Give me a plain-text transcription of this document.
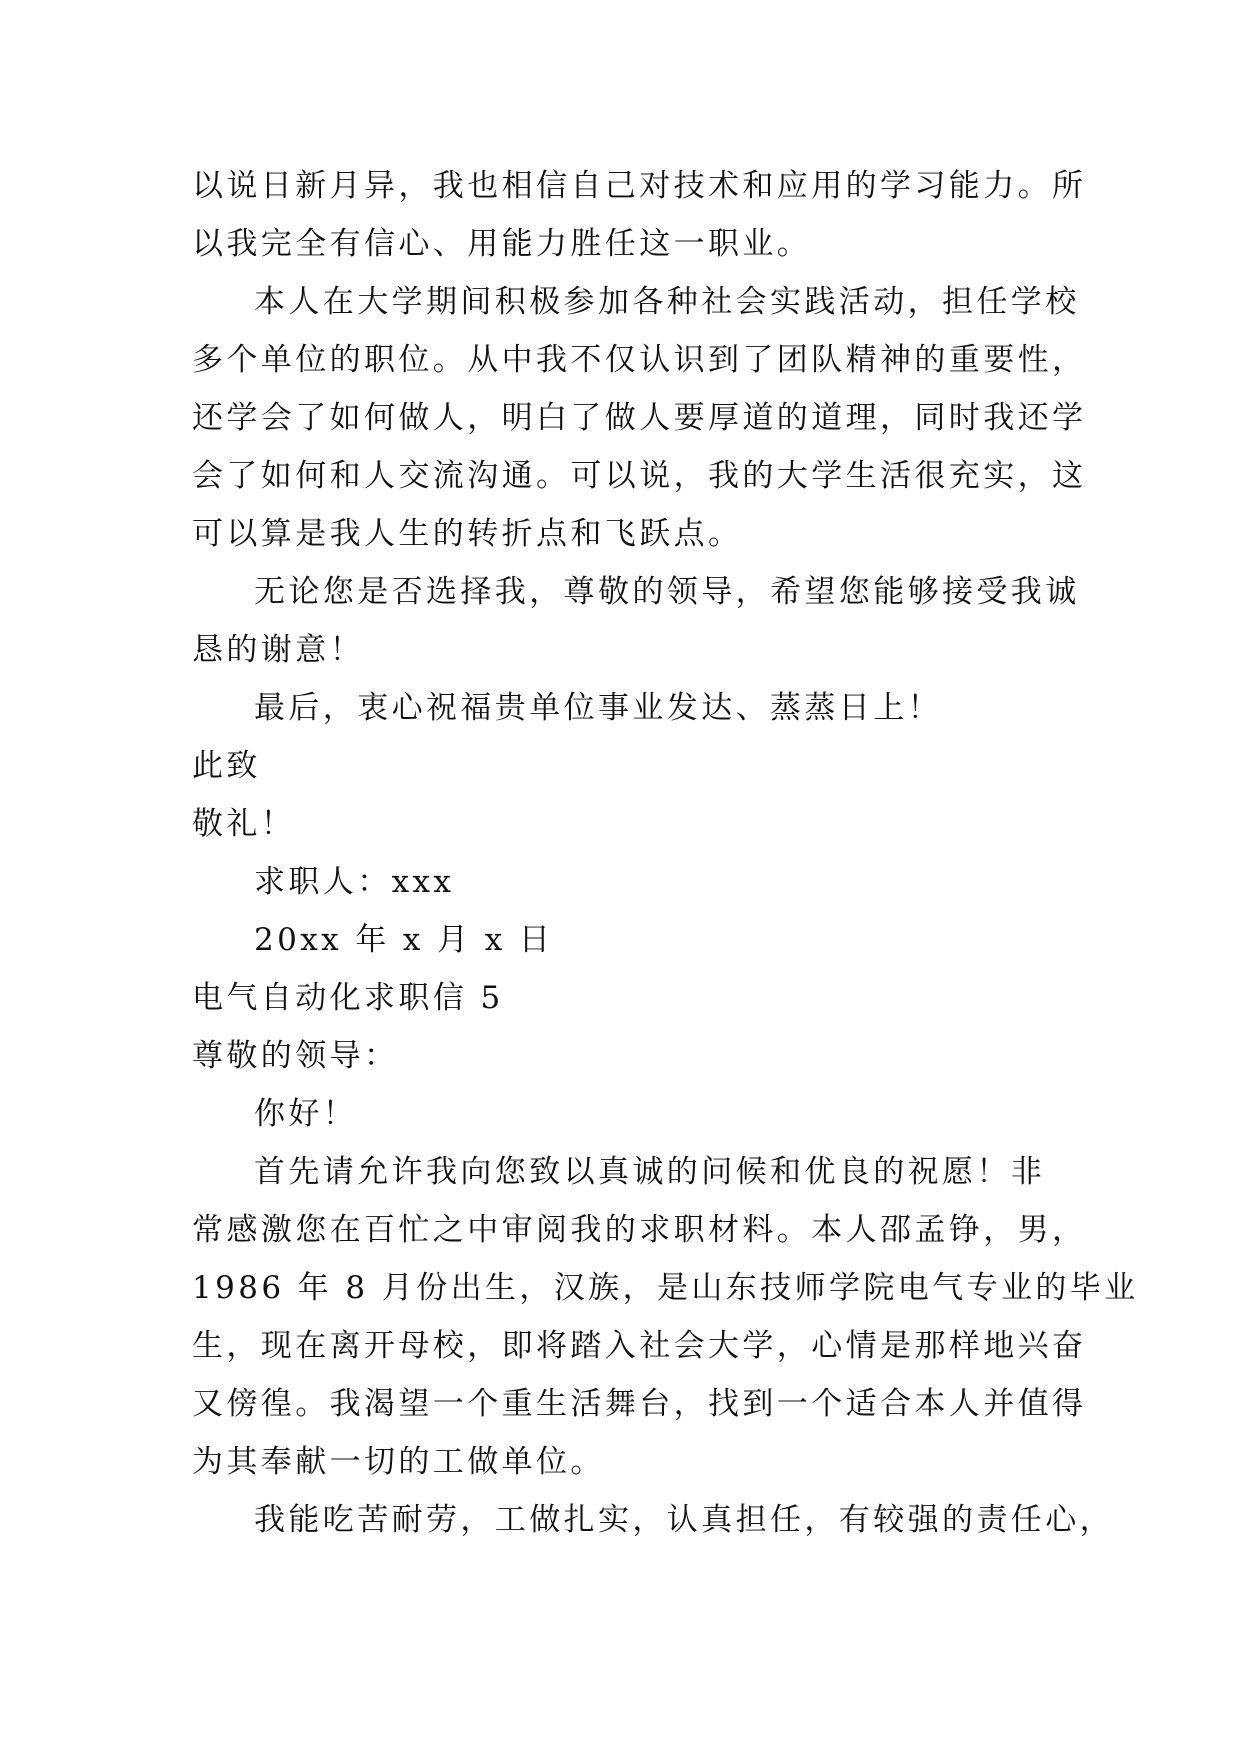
以说日新月异，我也相信自己对技术和应用的学习能力。所
以我完全有信心、用能力胜任这一职业。
本人在大学期间积极参加各种社会实践活动，担任学校
多个单位的职位。从中我不仅认识到了团队精神的重要性，
还学会了如何做人，明白了做人要厚道的道理，同时我还学
会了如何和人交流沟通。可以说，我的大学生活很充实，这
可以算是我人生的转折点和飞跃点。
无论您是否选择我，尊敬的领导，希望您能够接受我诚
恳的谢意！
最后，衷心祝福贵单位事业发达、蒸蒸日上！
此致
敬礼！
求职人：xxx
20xx 年 x 月 x 日
电气自动化求职信 5
尊敬的领导：
你好！
首先请允许我向您致以真诚的问候和优良的祝愿！非
常感激您在百忙之中审阅我的求职材料。本人邵孟铮，男，
1986 年 8 月份出生，汉族，是山东技师学院电气专业的毕业
生，现在离开母校，即将踏入社会大学，心情是那样地兴奋
又傍徨。我渴望一个重生活舞台，找到一个适合本人并值得
为其奉献一切的工做单位。
我能吃苦耐劳，工做扎实，认真担任，有较强的责任心，
